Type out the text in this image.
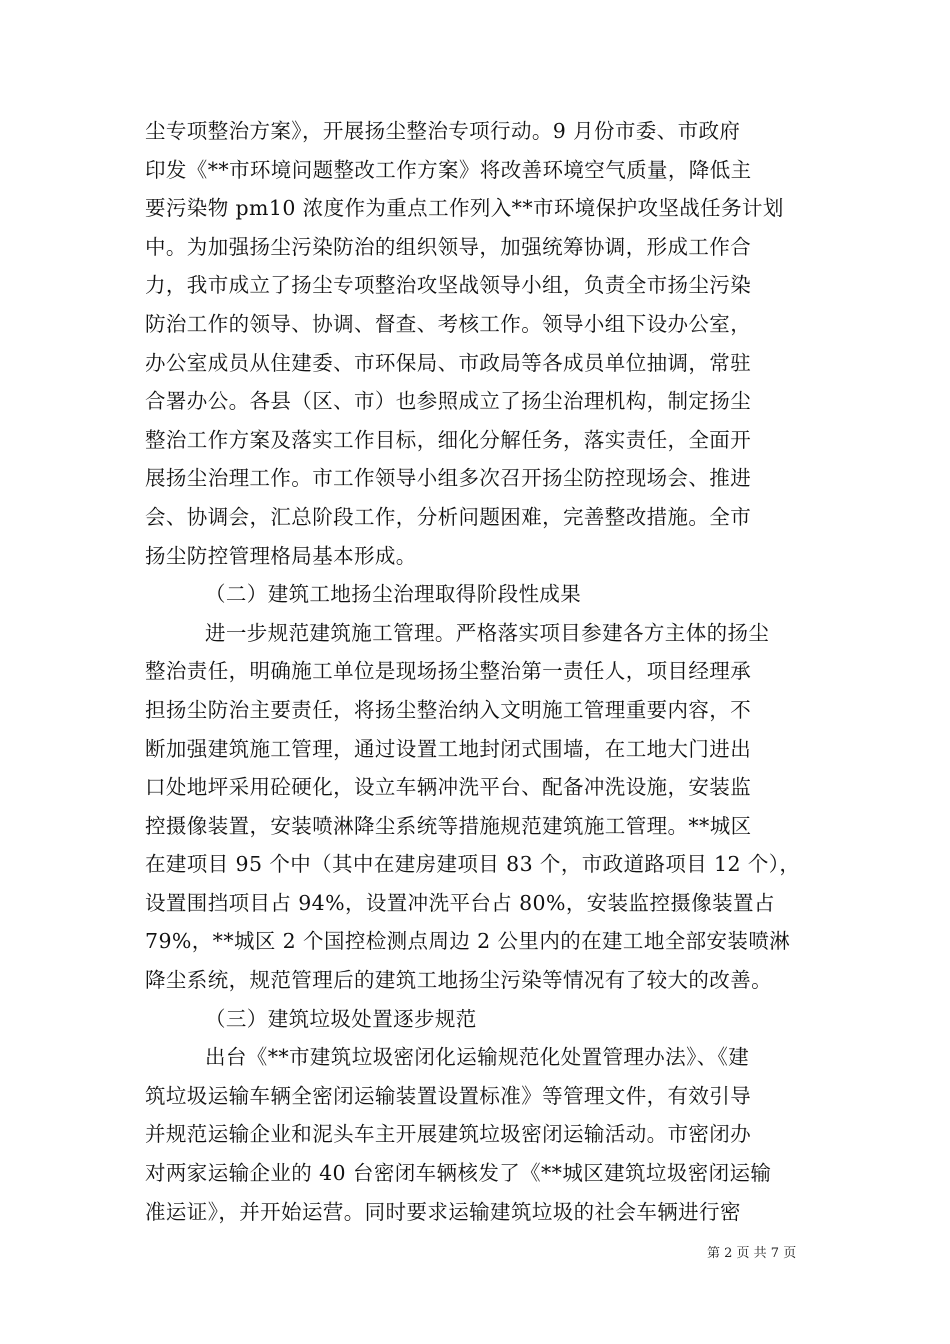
尘专项整治方案》，开展扬尘整治专项行动。9 月份市委、市政府
印发《**市环境问题整改工作方案》将改善环境空气质量，降低主
要污染物 pm10 浓度作为重点工作列入**市环境保护攻坚战任务计划
中。为加强扬尘污染防治的组织领导，加强统筹协调，形成工作合
力，我市成立了扬尘专项整治攻坚战领导小组，负责全市扬尘污染
防治工作的领导、协调、督查、考核工作。领导小组下设办公室，
办公室成员从住建委、市环保局、市政局等各成员单位抽调，常驻
合署办公。各县（区、市）也参照成立了扬尘治理机构，制定扬尘
整治工作方案及落实工作目标，细化分解任务，落实责任，全面开
展扬尘治理工作。市工作领导小组多次召开扬尘防控现场会、推进
会、协调会，汇总阶段工作，分析问题困难，完善整改措施。全市
扬尘防控管理格局基本形成。
（二）建筑工地扬尘治理取得阶段性成果
进一步规范建筑施工管理。严格落实项目参建各方主体的扬尘
整治责任，明确施工单位是现场扬尘整治第一责任人，项目经理承
担扬尘防治主要责任，将扬尘整治纳入文明施工管理重要内容，不
断加强建筑施工管理，通过设置工地封闭式围墙，在工地大门进出
口处地坪采用砼硬化，设立车辆冲洗平台、配备冲洗设施，安装监
控摄像装置，安装喷淋降尘系统等措施规范建筑施工管理。**城区
在建项目 95 个中（其中在建房建项目 83 个，市政道路项目 12 个），
设置围挡项目占 94%，设置冲洗平台占 80%，安装监控摄像装置占
79%，**城区 2 个国控检测点周边 2 公里内的在建工地全部安装喷淋
降尘系统，规范管理后的建筑工地扬尘污染等情况有了较大的改善。
（三）建筑垃圾处置逐步规范
出台《**市建筑垃圾密闭化运输规范化处置管理办法》、《建
筑垃圾运输车辆全密闭运输装置设置标准》等管理文件，有效引导
并规范运输企业和泥头车主开展建筑垃圾密闭运输活动。市密闭办
对两家运输企业的 40 台密闭车辆核发了《**城区建筑垃圾密闭运输
准运证》，并开始运营。同时要求运输建筑垃圾的社会车辆进行密
第 2 页 共 7 页
